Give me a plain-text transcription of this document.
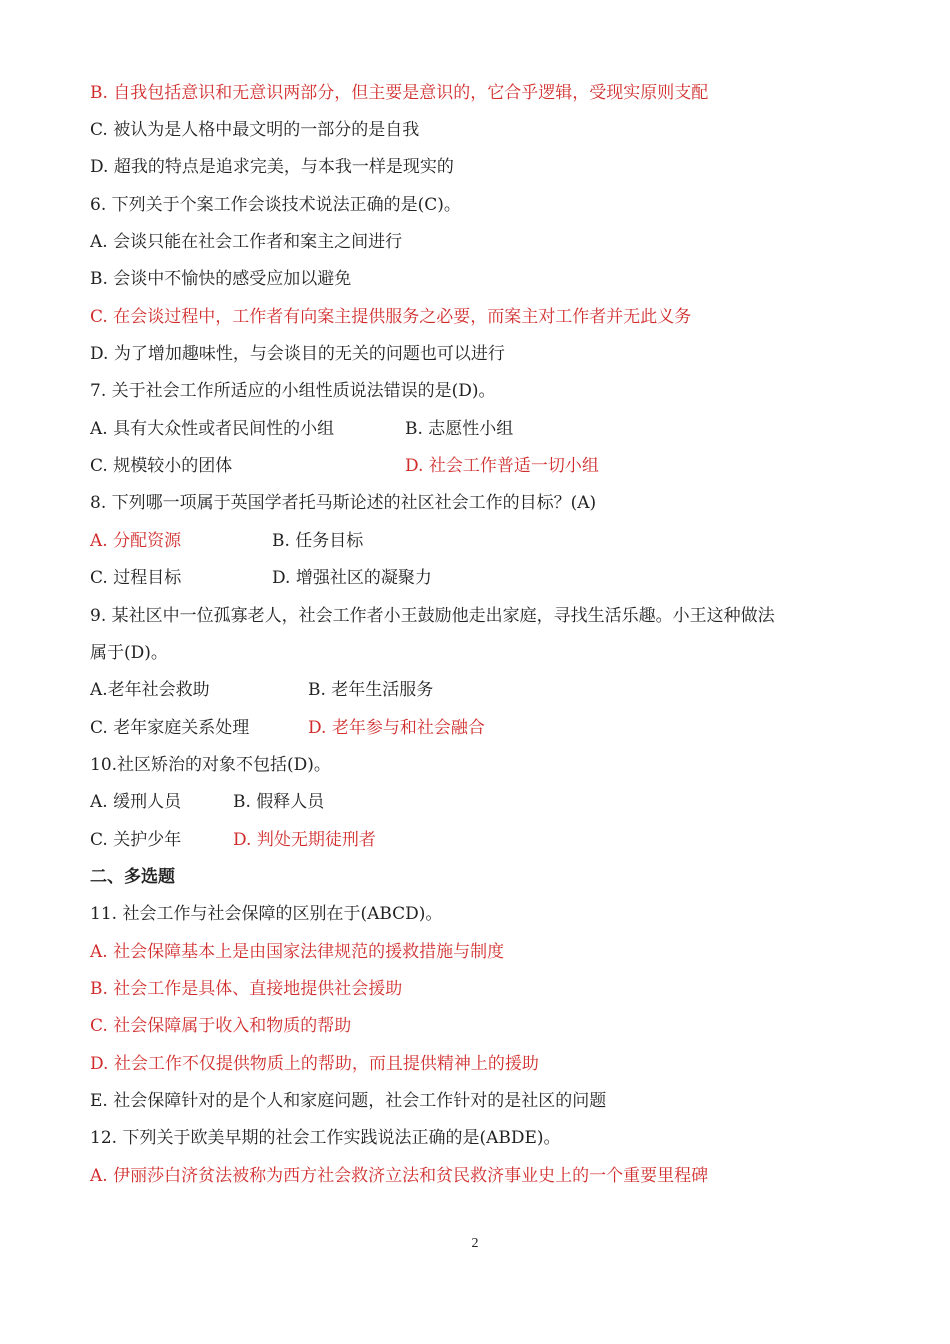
B. 自我包括意识和无意识两部分，但主要是意识的，它合乎逻辑，受现实原则支配
C. 被认为是人格中最文明的一部分的是自我
D. 超我的特点是追求完美，与本我一样是现实的
6. 下列关于个案工作会谈技术说法正确的是(C)。
A. 会谈只能在社会工作者和案主之间进行
B. 会谈中不愉快的感受应加以避免
C. 在会谈过程中，工作者有向案主提供服务之必要，而案主对工作者并无此义务
D. 为了增加趣味性，与会谈目的无关的问题也可以进行
7. 关于社会工作所适应的小组性质说法错误的是(D)。
A. 具有大众性或者民间性的小组	B. 志愿性小组
C. 规模较小的团体	D. 社会工作普适一切小组
8. 下列哪一项属于英国学者托马斯论述的社区社会工作的目标？(A)
A. 分配资源	B. 任务目标
C. 过程目标	D. 增强社区的凝聚力
9. 某社区中一位孤寡老人，社会工作者小王鼓励他走出家庭，寻找生活乐趣。小王这种做法
属于(D)。
A.老年社会救助	B. 老年生活服务
C. 老年家庭关系处理	D. 老年参与和社会融合
10.社区矫治的对象不包括(D)。
A. 缓刑人员	B. 假释人员
C. 关护少年	D. 判处无期徒刑者
二、多选题
11. 社会工作与社会保障的区别在于(ABCD)。
A. 社会保障基本上是由国家法律规范的援救措施与制度
B. 社会工作是具体、直接地提供社会援助
C. 社会保障属于收入和物质的帮助
D. 社会工作不仅提供物质上的帮助，而且提供精神上的援助
E. 社会保障针对的是个人和家庭问题，社会工作针对的是社区的问题
12. 下列关于欧美早期的社会工作实践说法正确的是(ABDE)。
A. 伊丽莎白济贫法被称为西方社会救济立法和贫民救济事业史上的一个重要里程碑
2
